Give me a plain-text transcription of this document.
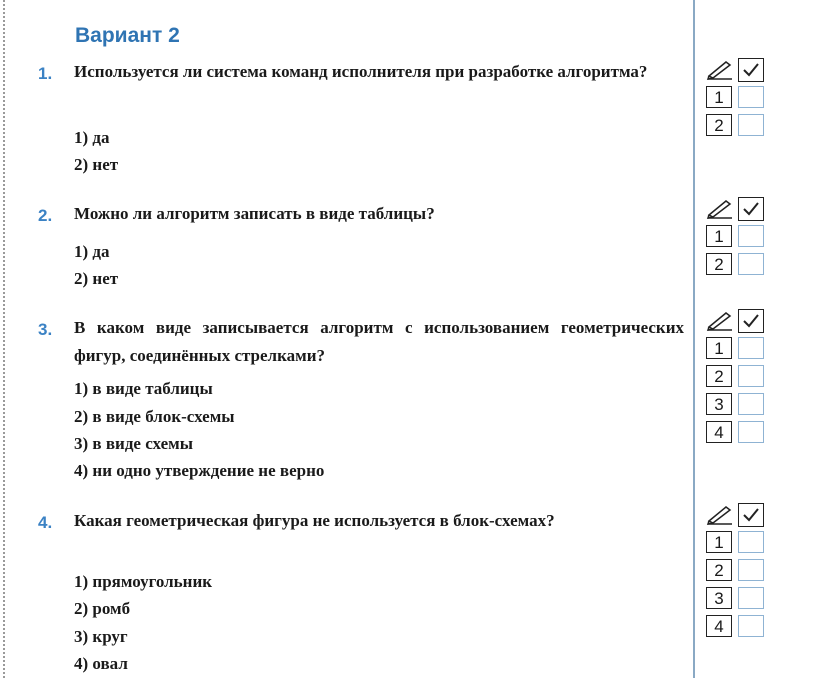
Вариант 2
1. Используется ли система команд исполнителя при разработке алгоритма?

1) да
2) нет
1
2
2. Можно ли алгоритм записать в виде таблицы?

1) да
2) нет
1
2
3. В каком виде записывается алгоритм с использованием геометрических фигур, соединённых стрелками?

1) в виде таблицы
2) в виде блок-схемы
3) в виде схемы
4) ни одно утверждение не верно
1
2
3
4
4. Какая геометрическая фигура не используется в блок-схемах?

1) прямоугольник
2) ромб
3) круг
4) овал
1
2
3
4
